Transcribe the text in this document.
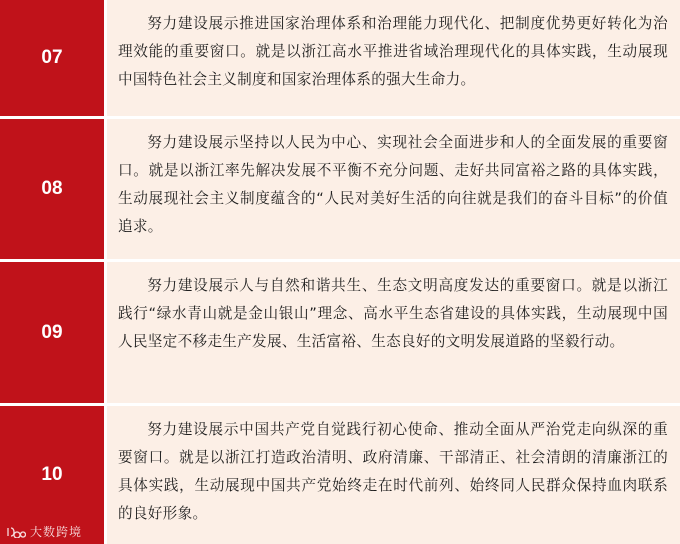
07
努力建设展示推进国家治理体系和治理能力现代化、把制度优势更好转化为治理效能的重要窗口。就是以浙江高水平推进省域治理现代化的具体实践，生动展现中国特色社会主义制度和国家治理体系的强大生命力。
08
努力建设展示坚持以人民为中心、实现社会全面进步和人的全面发展的重要窗口。就是以浙江率先解决发展不平衡不充分问题、走好共同富裕之路的具体实践，生动展现社会主义制度蕴含的“人民对美好生活的向往就是我们的奋斗目标”的价值追求。
09
努力建设展示人与自然和谐共生、生态文明高度发达的重要窗口。就是以浙江践行“绿水青山就是金山银山”理念、高水平生态省建设的具体实践，生动展现中国人民坚定不移走生产发展、生活富裕、生态良好的文明发展道路的坚毅行动。
10
努力建设展示中国共产党自觉践行初心使命、推动全面从严治党走向纵深的重要窗口。就是以浙江打造政治清明、政府清廉、干部清正、社会清朗的清廉浙江的具体实践，生动展现中国共产党始终走在时代前列、始终同人民群众保持血肉联系的良好形象。
大数跨境
